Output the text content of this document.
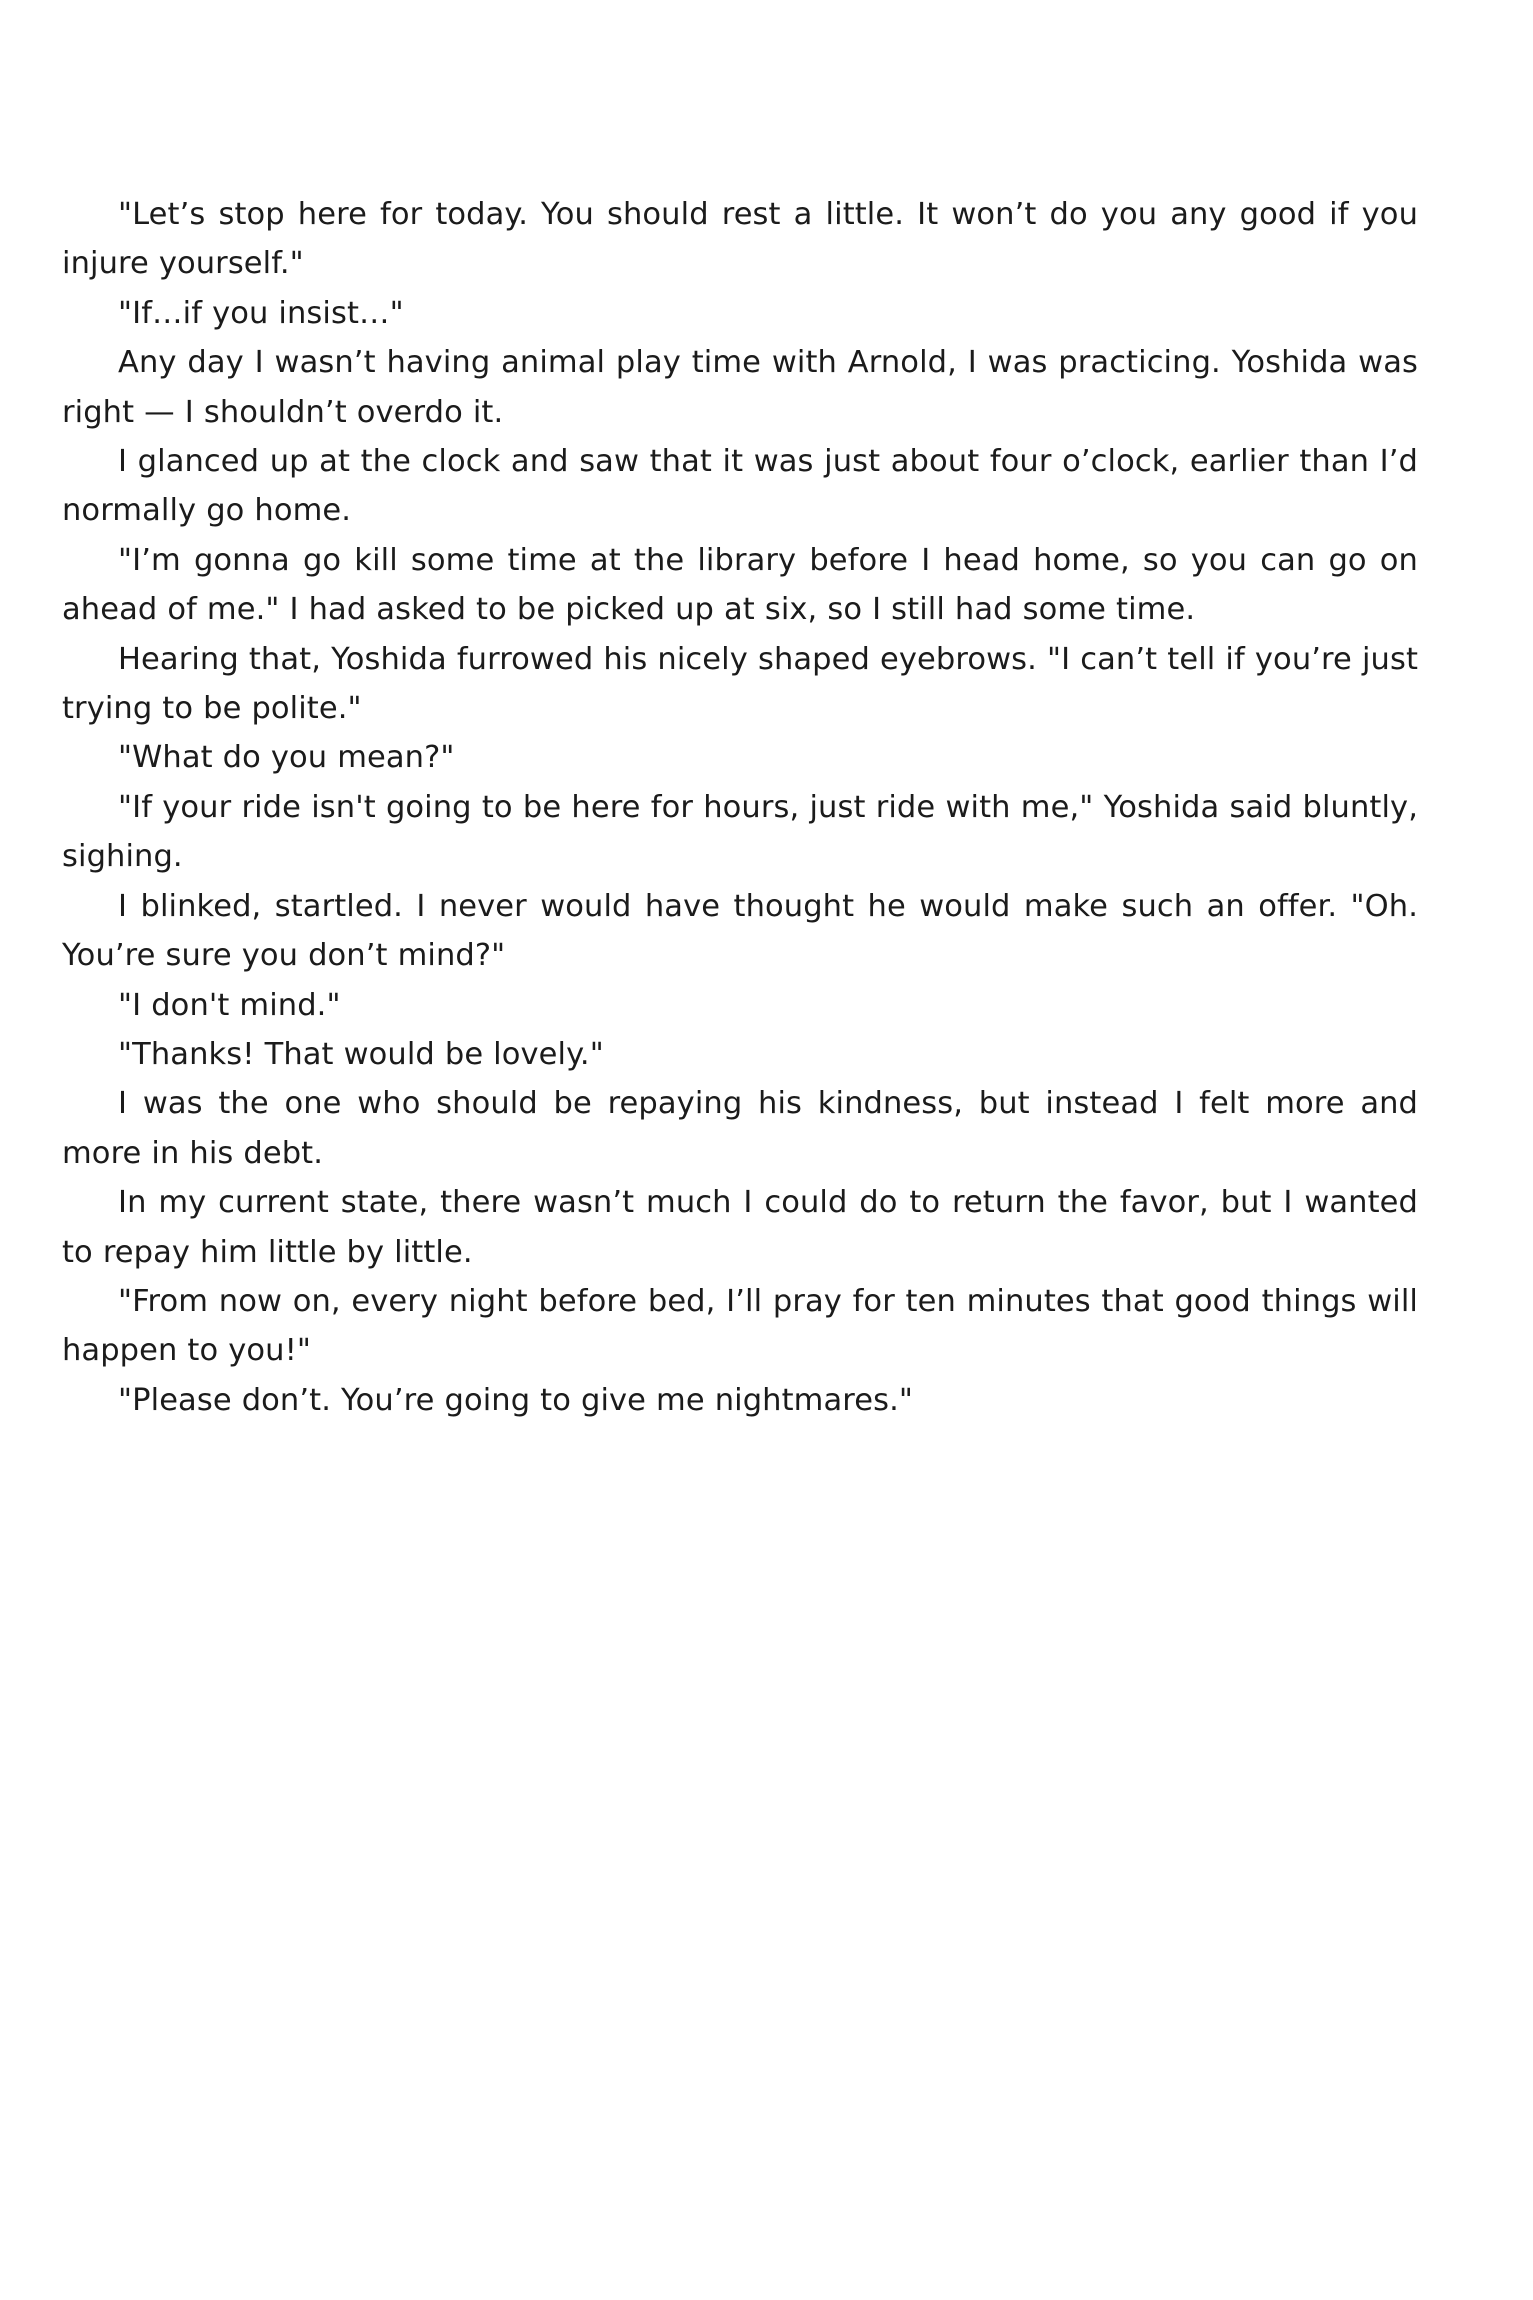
"Let’s stop here for today. You should rest a little. It won’t do you any good if you injure yourself."

"If…if you insist…"

Any day I wasn’t having animal play time with Arnold, I was practicing. Yoshida was right — I shouldn’t overdo it.

I glanced up at the clock and saw that it was just about four o’clock, earlier than I’d normally go home.

"I’m gonna go kill some time at the library before I head home, so you can go on ahead of me." I had asked to be picked up at six, so I still had some time.

Hearing that, Yoshida furrowed his nicely shaped eyebrows. "I can’t tell if you’re just trying to be polite."

"What do you mean?"

"If your ride isn't going to be here for hours, just ride with me," Yoshida said bluntly, sighing.

I blinked, startled. I never would have thought he would make such an offer. "Oh. You’re sure you don’t mind?"

"I don't mind."

"Thanks! That would be lovely."

I was the one who should be repaying his kindness, but instead I felt more and more in his debt.

In my current state, there wasn’t much I could do to return the favor, but I wanted to repay him little by little.

"From now on, every night before bed, I’ll pray for ten minutes that good things will happen to you!"

"Please don’t. You’re going to give me nightmares."
